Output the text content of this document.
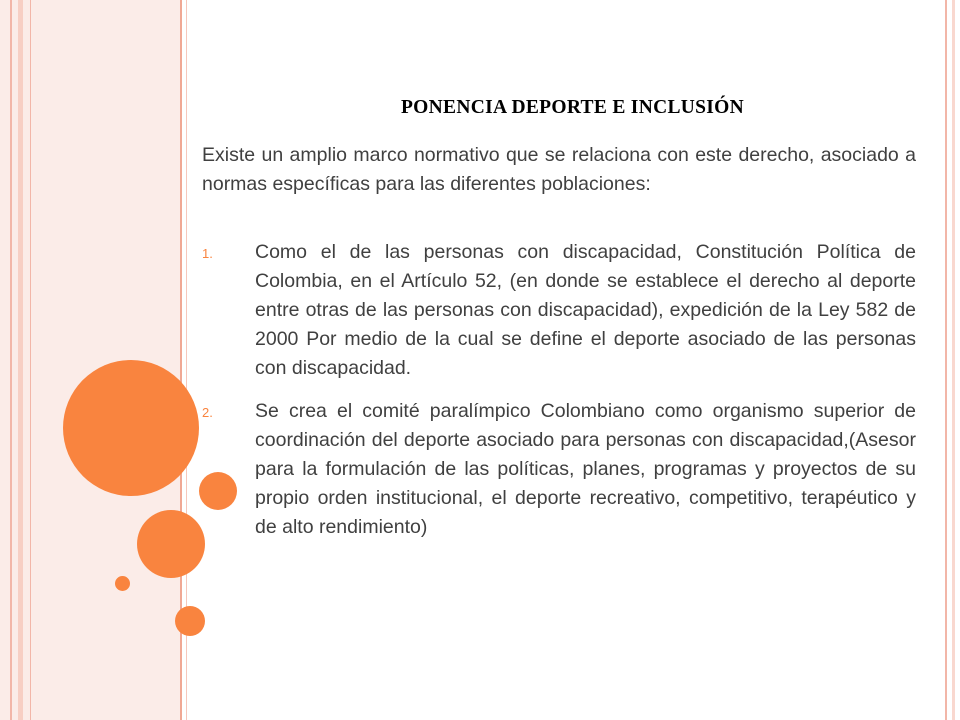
PONENCIA DEPORTE E INCLUSIÓN

Existe un amplio marco normativo que se relaciona con este derecho, asociado a normas específicas para las diferentes poblaciones:

1. Como el de las personas con discapacidad, Constitución Política de Colombia, en el Artículo 52, (en donde se establece el derecho al deporte entre otras de las personas con discapacidad), expedición de la Ley 582 de 2000 Por medio de la cual se define el deporte asociado de las personas con discapacidad.
2. Se crea el comité paralímpico Colombiano como organismo superior de coordinación del deporte asociado para personas con discapacidad,(Asesor para la formulación de las políticas, planes, programas y proyectos de su propio orden institucional, el deporte recreativo, competitivo, terapéutico y de alto rendimiento)
